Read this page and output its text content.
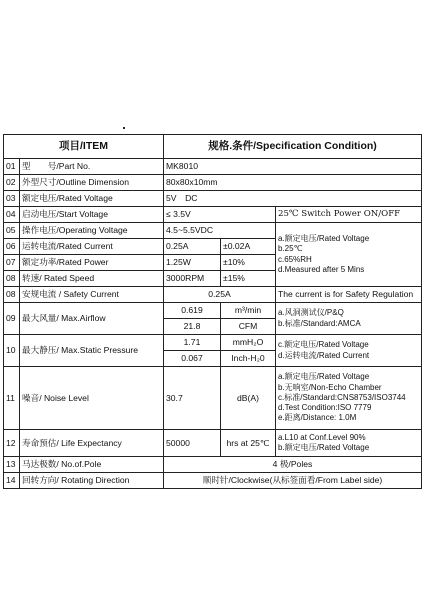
项目/ITEM		规格.条件/Specification Condition)		
01	型　　号/Part No.	MK8010		
02	外型尺寸/Outline Dimension	80x80x10mm		
03	额定电压/Rated Voltage	5V　DC		
04	启动电压/Start Voltage	≤ 3.5V		25℃ Switch Power ON/OFF
05	操作电压/Operating Voltage	4.5~5.5VDC		a.额定电压/Rated Voltage
b.25℃
c.65%RH
d.Measured after 5 Mins

06	运转电流/Rated Current	0.25A	±0.02A	
07	额定功率/Rated Power	1.25W	±10%	
08	转速/ Rated Speed	3000RPM	±15%	
08	安规电流 / Safety Current	0.25A		The current is for Safety Regulation
09	最大风量/ Max.Airflow	0.619	m³/min	a.风洞测试仪/P&Q
b.标准/Standard:AMCA

		21.8	CFM	
10	最大静压/ Max.Static Pressure	1.71	mmH₂O	c.额定电压/Rated Voltage
d.运转电流/Rated Current

		0.067	Inch-H₂0	
11	噪音/ Noise Level	30.7	dB(A)	a.额定电压/Rated Voltage
b.无响室/Non-Echo Chamber
c.标准/Standard:CNS8753/ISO3744
d.Test Condition:ISO 7779
e.距离/Distance: 1.0M

12	寿命预估/ Life Expectancy	50000	hrs at 25℃	a.L10 at Conf.Level 90%
b.额定电压/Rated Voltage

13	马达极数/ No.of.Pole	4 极/Poles		
14	回转方向/ Rotating Direction	顺时针/Clockwise(从标签面看/From Label side)		
